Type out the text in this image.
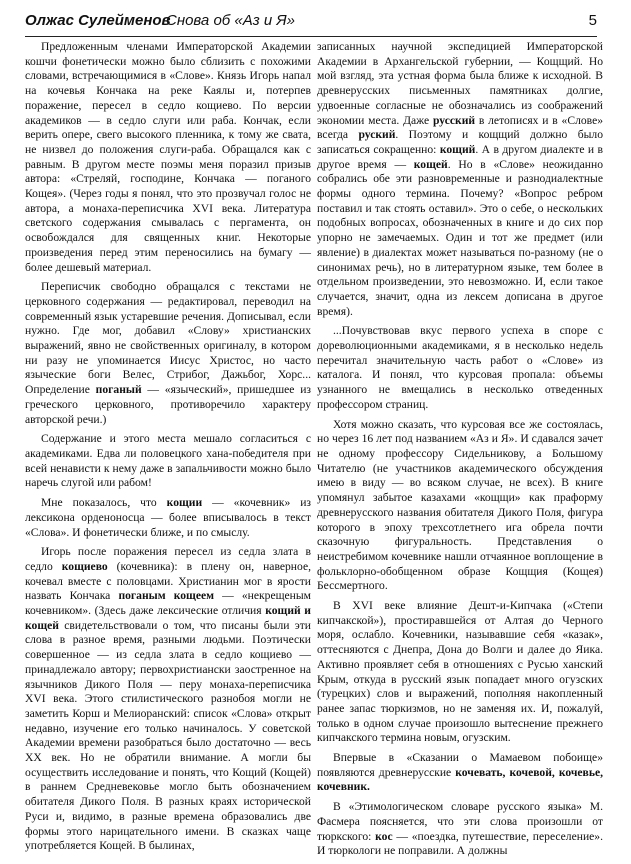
Олжас Сулейменов
Снова об «Аз и Я»	5

Предложенным членами Императорской Академии кошчи фонетически можно было сблизить с похожими словами, встречающимися в «Слове». Князь Игорь напал на кочевья Кончака на реке Каялы и, потерпев поражение, пересел в седло кощиево. По версии академиков — в седло слуги или раба. Кончак, если верить опере, свего высокого пленника, к тому же свата, не низвел до положения слуги-раба. Обращался как с равным. В другом месте поэмы меня поразил призыв автора: «Стреляй, господине, Кончака — поганого Кощея». (Через годы я понял, что это прозвучал голос не автора, а монаха-переписчика XVI века. Литература светского содержания смывалась с пергамента, он освобождался для священных книг. Некоторые произведения перед этим переносились на бумагу — более дешевый материал.

Переписчик свободно обращался с текстами не церковного содержания — редактировал, переводил на современный язык устаревшие речения. Дописывал, если нужно. Где мог, добавил «Слову» христианских выражений, явно не свойственных оригиналу, в котором ни разу не упоминается Иисус Христос, но часто языческие боги Велес, Стрибог, Дажьбог, Хорс... Определение поганый — «языческий», пришедшее из греческого церковного, противоречило характеру авторской речи.)

Содержание и этого места мешало согласиться с академиками. Едва ли половецкого хана-победителя при всей ненависти к нему даже в запальчивости можно было наречь слугой или рабом!

Мне показалось, что кощии — «кочевник» из лексикона орденоносца — более вписывалось в текст «Слова». И фонетически ближе, и по смыслу.

Игорь после поражения пересел из седла злата в седло кощиево (кочевника): в плену он, наверное, кочевал вместе с половцами. Христианин мог в ярости назвать Кончака поганым кощеем — «некрещеным кочевником». (Здесь даже лексические отличия кощий и кощей свидетельствовали о том, что писаны были эти слова в разное время, разными людьми. Поэтически совершенное — из седла злата в седло кощиево — принадлежало автору; первохристиански заостренное на язычников Дикого Поля — перу монаха-переписчика XVI века. Этого стилистического разнобоя могли не заметить Корш и Мелиоранский: список «Слова» открыт недавно, изучение его только начиналось. У советской Академии времени разобраться было достаточно — весь XX век. Но не обратили внимание. А могли бы осуществить исследование и понять, что Кощий (Кощей) в раннем Средневековье могло быть обозначением обитателя Дикого Поля. В разных краях исторической Руси и, видимо, в разные времена образовались две формы этого нарицательного имени. В сказках чаще употребляется Кощей. В былинах,

записанных научной экспедицией Императорской Академии в Архангельской губернии, — Кощщий. Но мой взгляд, эта устная форма была ближе к исходной. В древнерусских письменных памятниках долгие, удвоенные согласные не обозначались из соображений экономии места. Даже русский в летописях и в «Слове» всегда руский. Поэтому и кощщий должно было записаться сокращенно: кощий. А в другом диалекте и в другое время — кощей. Но в «Слове» неожиданно собрались обе эти разновременные и разнодиалектные формы одного термина. Почему? «Вопрос ребром поставил и так стоять оставил». Это о себе, о нескольких подобных вопросах, обозначенных в книге и до сих пор упорно не замечаемых. Один и тот же предмет (или явление) в диалектах может называться по-разному (не о синонимах речь), но в литературном языке, тем более в отдельном произведении, это невозможно. И, если такое случается, значит, одна из лексем дописана в другое время).

...Почувствовав вкус первого успеха в споре с дореволюционными академиками, я в несколько недель перечитал значительную часть работ о «Слове» из каталога. И понял, что курсовая пропала: объемы узнанного не вмещались в несколько отведенных профессором страниц.

Хотя можно сказать, что курсовая все же состоялась, но через 16 лет под названием «Аз и Я». И сдавался зачет не одному профессору Сидельникову, а Большому Читателю (не участников академического обсуждения имею в виду — во всяком случае, не всех). В книге упомянул забытое казахами «кощщи» как праформу древнерусского названия обитателя Дикого Поля, фигура которого в эпоху трехсотлетнего ига обрела почти сказочную фигуральность. Представления о неистребимом кочевнике нашли отчаянное воплощение в фольклорно-обобщенном образе Кощщия (Кощея) Бессмертного.

В XVI веке влияние Дешт-и-Кипчака («Степи кипчакской»), простиравшейся от Алтая до Черного моря, ослабло. Кочевники, называвшие себя «казак», оттесняются с Днепра, Дона до Волги и далее до Яика. Активно проявляет себя в отношениях с Русью ханский Крым, откуда в русский язык попадает много огузских (турецких) слов и выражений, пополняя накопленный ранее запас тюркизмов, но не заменяя их. И, пожалуй, только в одном случае произошло вытеснение прежнего кипчакского термина новым, огузским.

Впервые в «Сказании о Мамаевом побоище» появляются древнерусские кочевать, кочевой, кочевье, кочевник.

В «Этимологическом словаре русского языка» М. Фасмера поясняется, что эти слова произошли от тюркского: кос — «поездка, путешествие, переселение». И тюркологи не поправили. А должны
